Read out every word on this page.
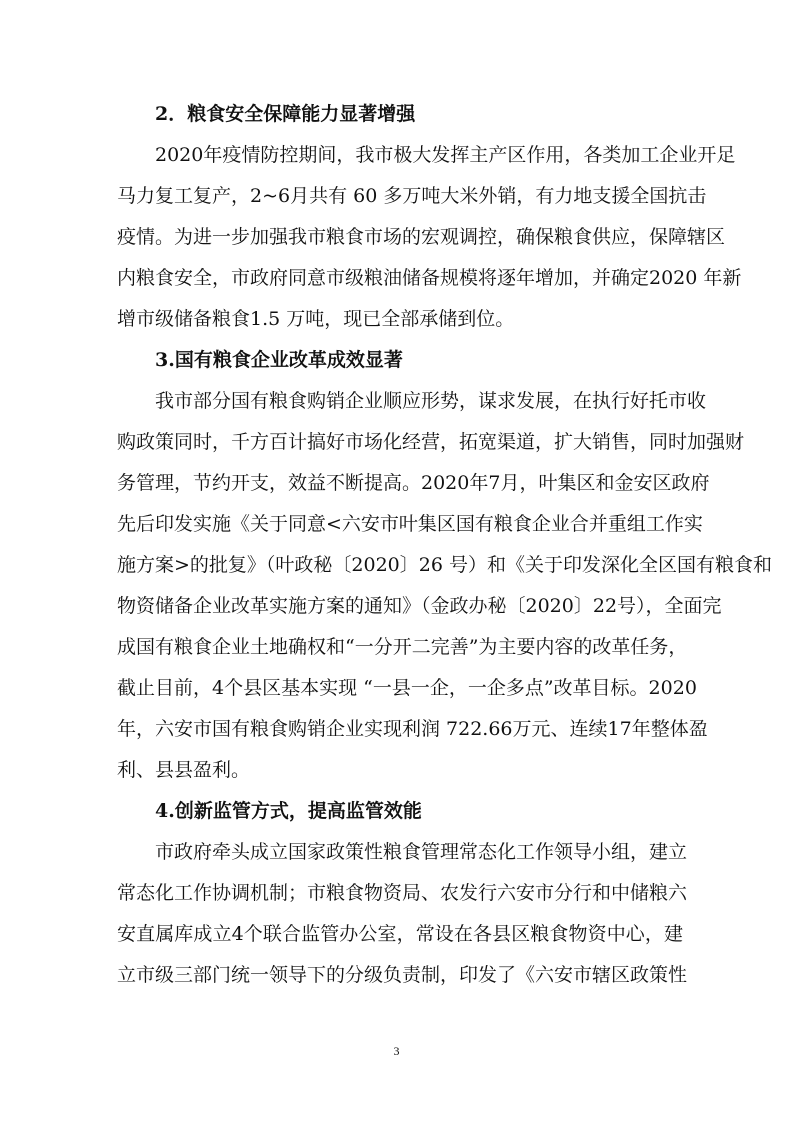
2．粮食安全保障能力显著增强
2020年疫情防控期间，我市极大发挥主产区作用，各类加工企业开足
马力复工复产，2~6月共有 60 多万吨大米外销，有力地支援全国抗击
疫情。为进一步加强我市粮食市场的宏观调控，确保粮食供应，保障辖区
内粮食安全，市政府同意市级粮油储备规模将逐年增加，并确定2020 年新
增市级储备粮食1.5 万吨，现已全部承储到位。
3.国有粮食企业改革成效显著
我市部分国有粮食购销企业顺应形势，谋求发展，在执行好托市收
购政策同时，千方百计搞好市场化经营，拓宽渠道，扩大销售，同时加强财
务管理，节约开支，效益不断提高。2020年7月，叶集区和金安区政府
先后印发实施《关于同意<六安市叶集区国有粮食企业合并重组工作实
施方案>的批复》（叶政秘〔2020〕26 号）和《关于印发深化全区国有粮食和
物资储备企业改革实施方案的通知》（金政办秘〔2020〕22号），全面完
成国有粮食企业土地确权和“一分开二完善”为主要内容的改革任务，
截止目前，4个县区基本实现 “一县一企，一企多点”改革目标。2020
年，六安市国有粮食购销企业实现利润 722.66万元、连续17年整体盈
利、县县盈利。
4.创新监管方式，提高监管效能
市政府牵头成立国家政策性粮食管理常态化工作领导小组，建立
常态化工作协调机制；市粮食物资局、农发行六安市分行和中储粮六
安直属库成立4个联合监管办公室，常设在各县区粮食物资中心，建
立市级三部门统一领导下的分级负责制，印发了《六安市辖区政策性
3
